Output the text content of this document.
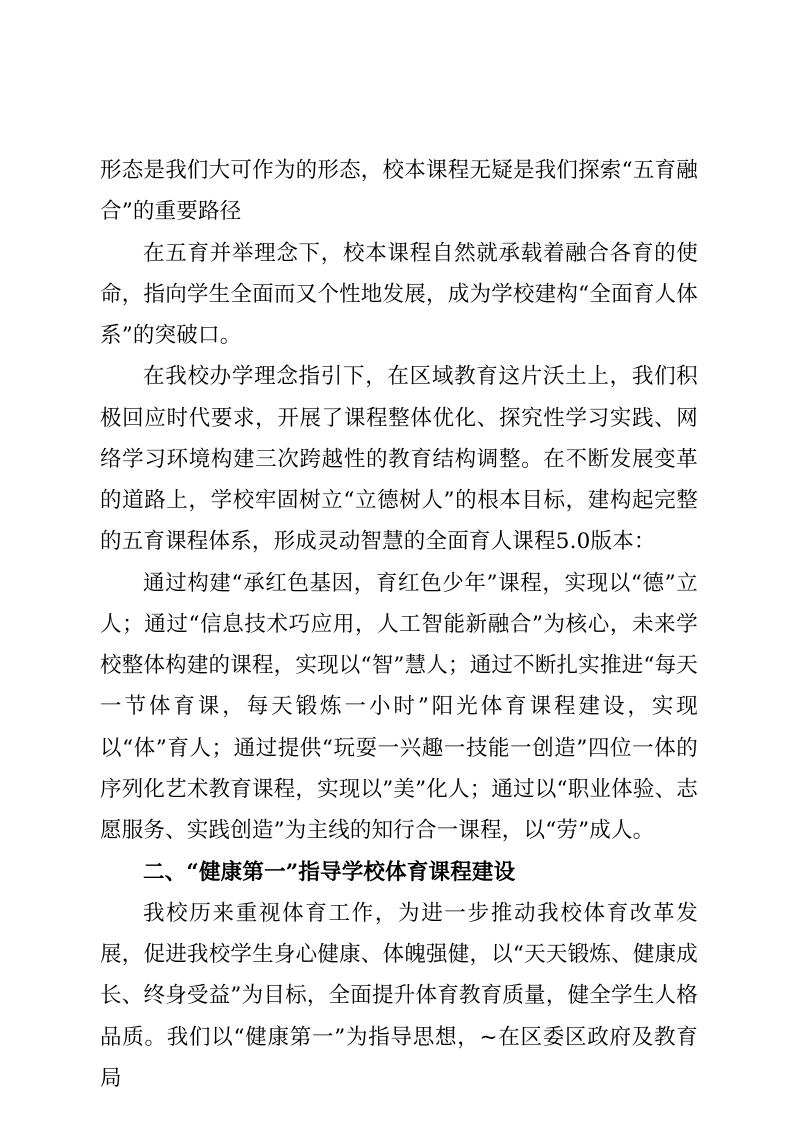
形态是我们大可作为的形态，校本课程无疑是我们探索“五育融合”的重要路径

在五育并举理念下，校本课程自然就承载着融合各育的使命，指向学生全面而又个性地发展，成为学校建构“全面育人体系”的突破口。

在我校办学理念指引下，在区域教育这片沃土上，我们积极回应时代要求，开展了课程整体优化、探究性学习实践、网络学习环境构建三次跨越性的教育结构调整。在不断发展变革的道路上，学校牢固树立“立德树人”的根本目标，建构起完整的五育课程体系，形成灵动智慧的全面育人课程5.0版本：

通过构建“承红色基因，育红色少年”课程，实现以“德”立人；通过“信息技术巧应用，人工智能新融合”为核心，未来学校整体构建的课程，实现以“智”慧人；通过不断扎实推进“每天一节体育课，每天锻炼一小时”阳光体育课程建设，实现以“体”育人；通过提供“玩耍一兴趣一技能一创造”四位一体的序列化艺术教育课程，实现以”美”化人；通过以“职业体验、志愿服务、实践创造”为主线的知行合一课程，以“劳”成人。

二、“健康第一”指导学校体育课程建设

我校历来重视体育工作，为进一步推动我校体育改革发展，促进我校学生身心健康、体魄强健，以“天天锻炼、健康成长、终身受益”为目标，全面提升体育教育质量，健全学生人格品质。我们以“健康第一”为指导思想，~在区委区政府及教育局
